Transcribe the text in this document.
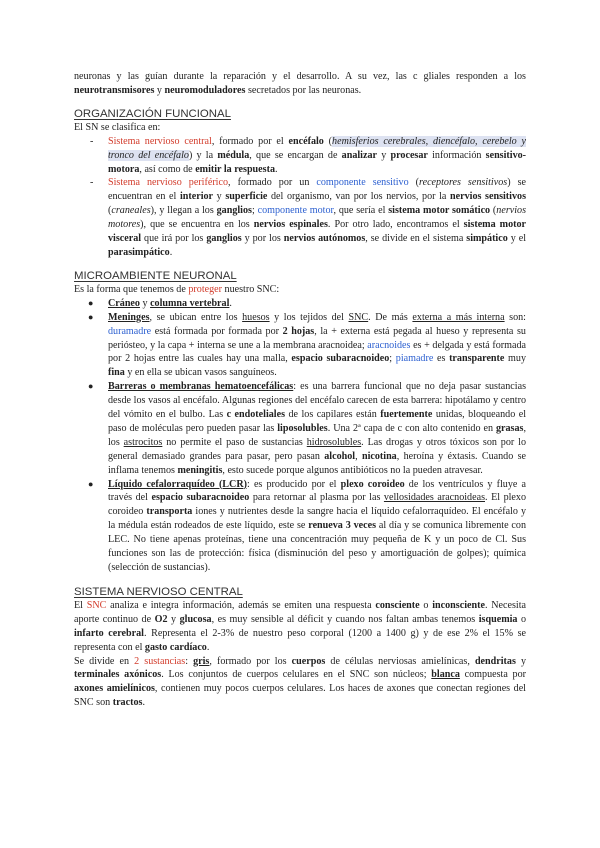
neuronas y las guían durante la reparación y el desarrollo. A su vez, las c gliales responden a los neurotransmisores y neuromoduladores secretados por las neuronas.

ORGANIZACIÓN FUNCIONAL

El SN se clasifica en:

- Sistema nervioso central, formado por el encéfalo (hemisferios cerebrales, diencéfalo, cerebelo y tronco del encéfalo) y la médula, que se encargan de analizar y procesar información sensitivo-motora, así como de emitir la respuesta.
- Sistema nervioso periférico, formado por un componente sensitivo (receptores sensitivos) se encuentran en el interior y superficie del organismo, van por los nervios, por la nervios sensitivos (craneales), y llegan a los ganglios; componente motor, que sería el sistema motor somático (nervios motores), que se encuentra en los nervios espinales. Por otro lado, encontramos el sistema motor visceral que irá por los ganglios y por los nervios autónomos, se divide en el sistema simpático y el parasimpático.
MICROAMBIENTE NEURONAL

Es la forma que tenemos de proteger nuestro SNC:

● Cráneo y columna vertebral.
● Meninges, se ubican entre los huesos y los tejidos del SNC. De más externa a más interna son: duramadre está formada por formada por 2 hojas, la + externa está pegada al hueso y representa su periósteo, y la capa + interna se une a la membrana aracnoidea; aracnoides es + delgada y está formada por 2 hojas entre las cuales hay una malla, espacio subaracnoideo; piamadre es transparente muy fina y en ella se ubican vasos sanguíneos.
● Barreras o membranas hematoencefálicas: es una barrera funcional que no deja pasar sustancias desde los vasos al encéfalo. Algunas regiones del encéfalo carecen de esta barrera: hipotálamo y centro del vómito en el bulbo. Las c endoteliales de los capilares están fuertemente unidas, bloqueando el paso de moléculas pero pueden pasar las liposolubles. Una 2ª capa de c con alto contenido en grasas, los astrocitos no permite el paso de sustancias hidrosolubles. Las drogas y otros tóxicos son por lo general demasiado grandes para pasar, pero pasan alcohol, nicotina, heroína y éxtasis. Cuando se inflama tenemos meningitis, esto sucede porque algunos antibióticos no la pueden atravesar.
● Líquido cefalorraquídeo (LCR): es producido por el plexo coroideo de los ventrículos y fluye a través del espacio subaracnoideo para retornar al plasma por las vellosidades aracnoideas. El plexo coroideo transporta iones y nutrientes desde la sangre hacia el líquido cefalorraquídeo. El encéfalo y la médula están rodeados de este líquido, este se renueva 3 veces al día y se comunica libremente con LEC. No tiene apenas proteínas, tiene una concentración muy pequeña de K y un poco de Cl. Sus funciones son las de protección: física (disminución del peso y amortiguación de golpes); química (selección de sustancias).
SISTEMA NERVIOSO CENTRAL

El SNC analiza e integra información, además se emiten una respuesta consciente o inconsciente. Necesita aporte continuo de O2 y glucosa, es muy sensible al déficit y cuando nos faltan ambas tenemos isquemia o infarto cerebral. Representa el 2-3% de nuestro peso corporal (1200 a 1400 g) y de ese 2% el 15% se representa con el gasto cardíaco.

Se divide en 2 sustancias: gris, formado por los cuerpos de células nerviosas amielínicas, dendritas y terminales axónicos. Los conjuntos de cuerpos celulares en el SNC son núcleos; blanca compuesta por axones amielínicos, contienen muy pocos cuerpos celulares. Los haces de axones que conectan regiones del SNC son tractos.
